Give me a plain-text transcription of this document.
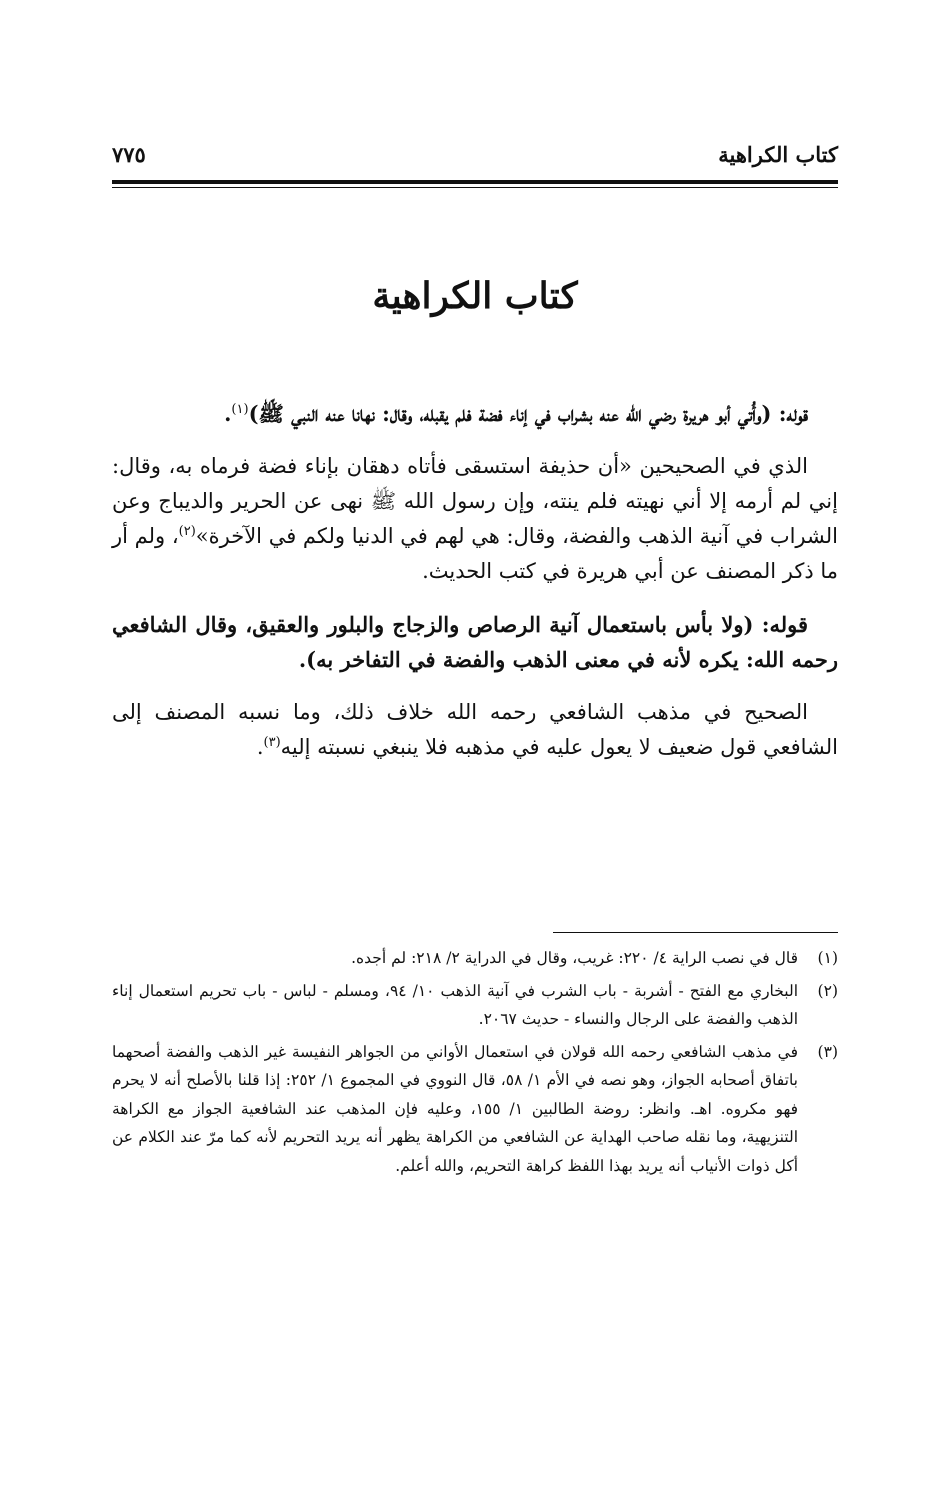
كتاب الكراهية
٧٧٥
كتاب الكراهية

قوله: (وأُتي أبو هريرة رضي الله عنه بشراب في إناء فضة فلم يقبله، وقال: نهانا عنه النبي ﷺ)$^{(١)}$.

الذي في الصحيحين «أن حذيفة استسقى فأتاه دهقان بإناء فضة فرماه به، وقال: إني لم أرمه إلا أني نهيته فلم ينته، وإن رسول الله ﷺ نهى عن الحرير والديباج وعن الشراب في آنية الذهب والفضة، وقال: هي لهم في الدنيا ولكم في الآخرة»$^{(٢)}$، ولم أر ما ذكر المصنف عن أبي هريرة في كتب الحديث.

قوله: (ولا بأس باستعمال آنية الرصاص والزجاج والبلور والعقيق، وقال الشافعي رحمه الله: يكره لأنه في معنى الذهب والفضة في التفاخر به).

الصحيح في مذهب الشافعي رحمه الله خلاف ذلك، وما نسبه المصنف إلى الشافعي قول ضعيف لا يعول عليه في مذهبه فلا ينبغي نسبته إليه$^{(٣)}$.

(١)
قال في نصب الراية ٤/ ٢٢٠: غريب، وقال في الدراية ٢/ ٢١٨: لم أجده.
(٢)
البخاري مع الفتح - أشربة - باب الشرب في آنية الذهب ١٠/ ٩٤، ومسلم - لباس - باب تحريم استعمال إناء الذهب والفضة على الرجال والنساء - حديث ٢٠٦٧.
(٣)
في مذهب الشافعي رحمه الله قولان في استعمال الأواني من الجواهر النفيسة غير الذهب والفضة أصحهما باتفاق أصحابه الجواز، وهو نصه في الأم ١/ ٥٨، قال النووي في المجموع ١/ ٢٥٢: إذا قلنا بالأصلح أنه لا يحرم فهو مكروه. اهـ. وانظر: روضة الطالبين ١/ ١٥٥، وعليه فإن المذهب عند الشافعية الجواز مع الكراهة التنزيهية، وما نقله صاحب الهداية عن الشافعي من الكراهة يظهر أنه يريد التحريم لأنه كما مرّ عند الكلام عن أكل ذوات الأنياب أنه يريد بهذا اللفظ كراهة التحريم، والله أعلم.
